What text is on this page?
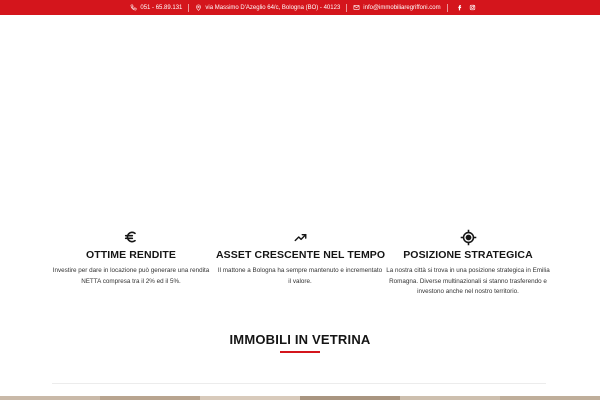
051 - 65.89.131	via Massimo D'Azeglio 64/c, Bologna (BO) - 40123	info@immobiliaregriffoni.com
OTTIME RENDITE

Investire per dare in locazione può generare una rendita NETTA compresa tra il 2% ed il 5%.

ASSET CRESCENTE NEL TEMPO

Il mattone a Bologna ha sempre mantenuto e incrementato il valore.

POSIZIONE STRATEGICA

La nostra città si trova in una posizione strategica in Emilia Romagna. Diverse multinazionali si stanno trasferendo e investono anche nel nostro territorio.

IMMOBILI IN VETRINA
